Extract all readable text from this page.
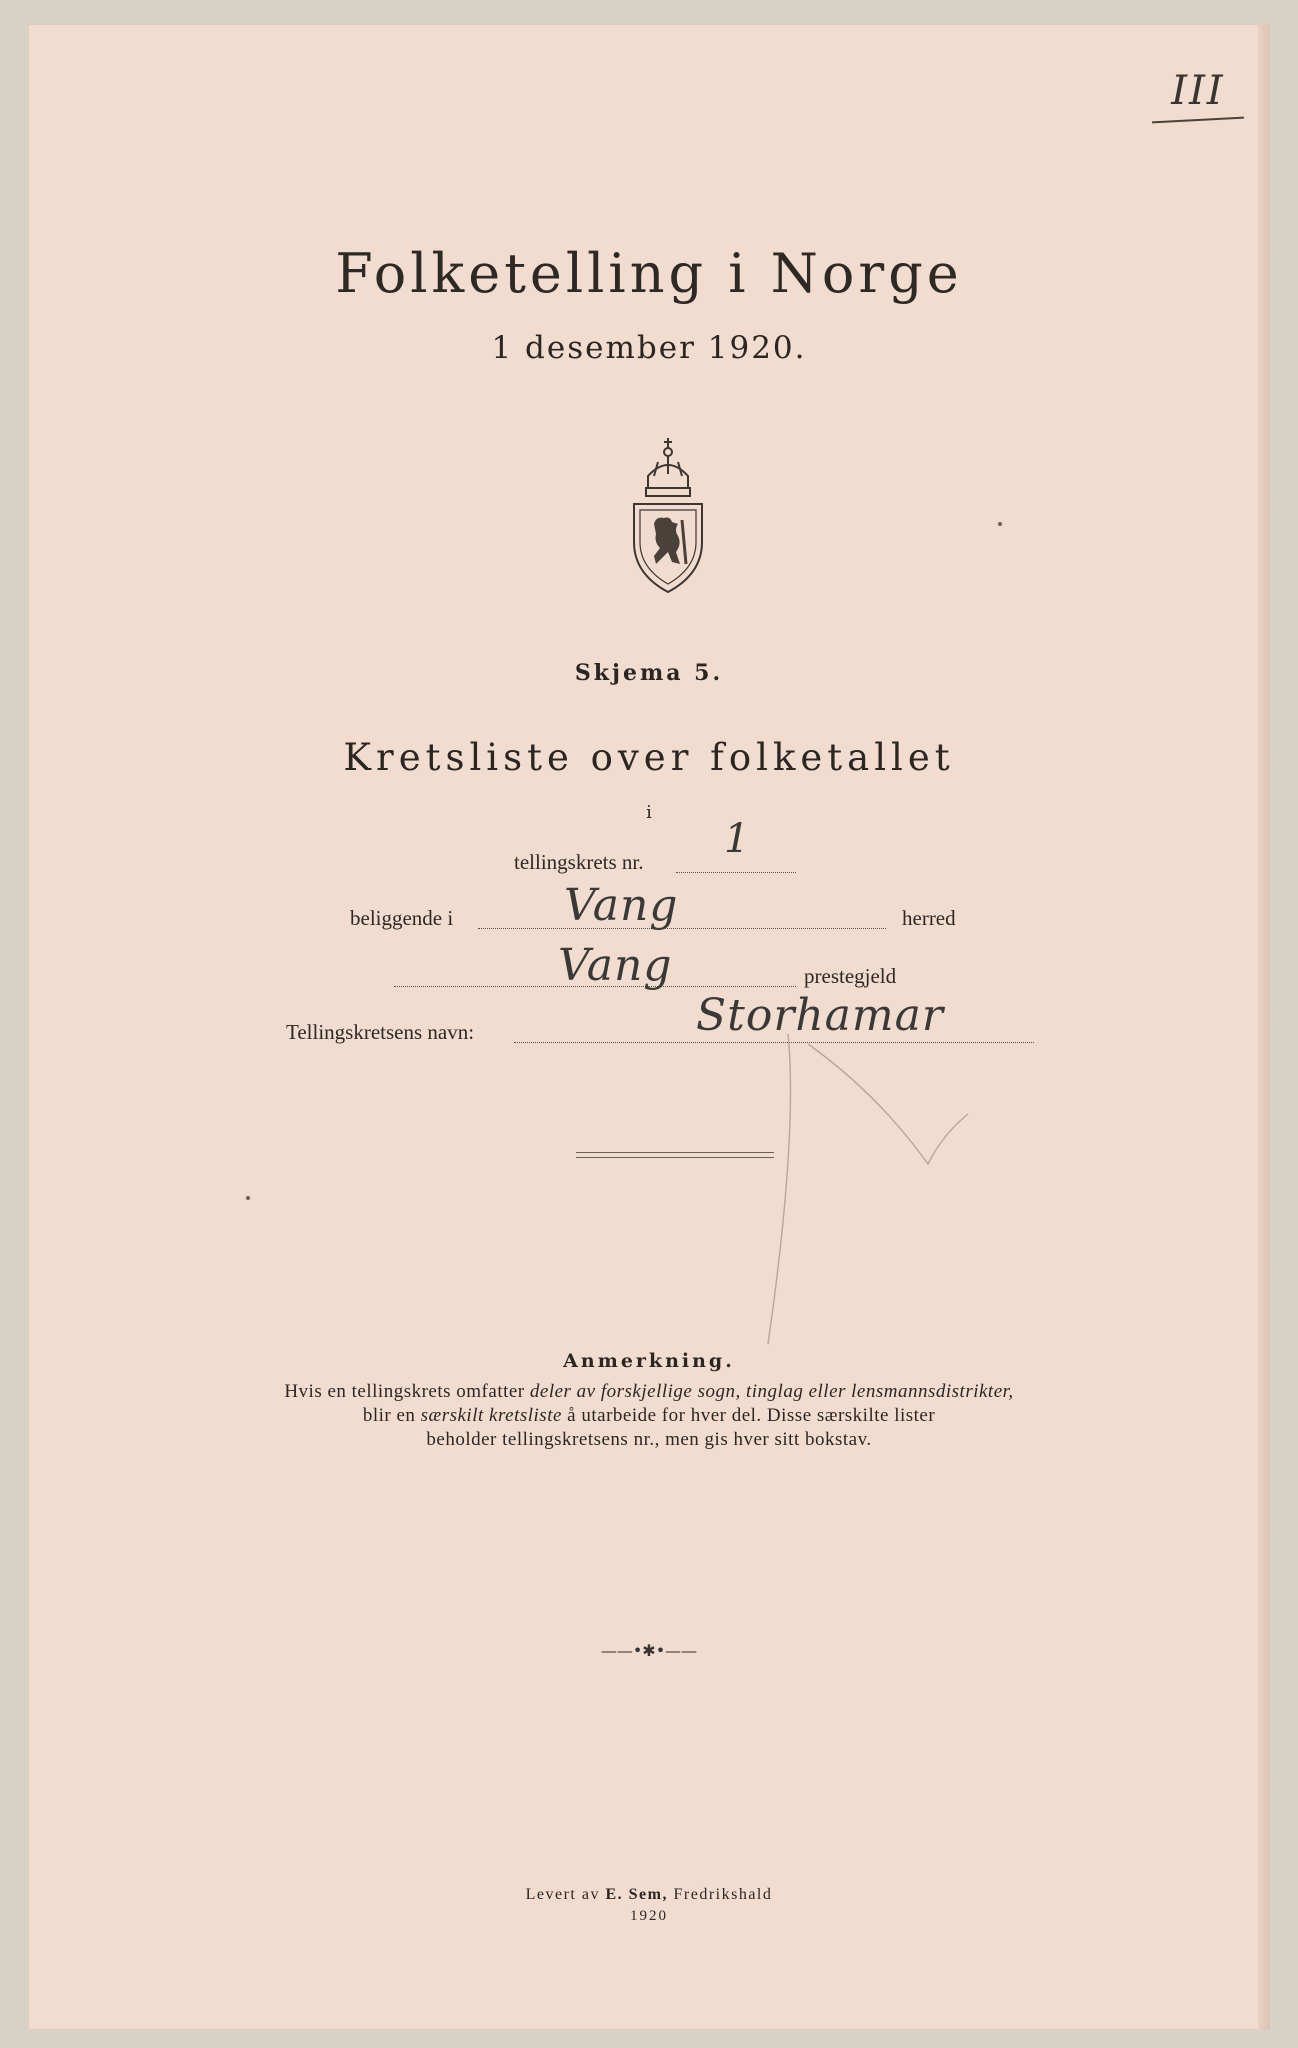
III
Folketelling i Norge
1 desember 1920.
Skjema 5.
Kretsliste over folketallet
i
tellingskrets nr. 1
beliggende i	Vang	herred
Vang	prestegjeld
Tellingskretsens navn:	Storhamar
Anmerkning.
Hvis en tellingskrets omfatter deler av forskjellige sogn, tinglag eller lensmannsdistrikter,
blir en særskilt kretsliste å utarbeide for hver del. Disse særskilte lister
beholder tellingskretsens nr., men gis hver sitt bokstav.
——•✱•——
Levert av E. Sem, Fredrikshald
1920
